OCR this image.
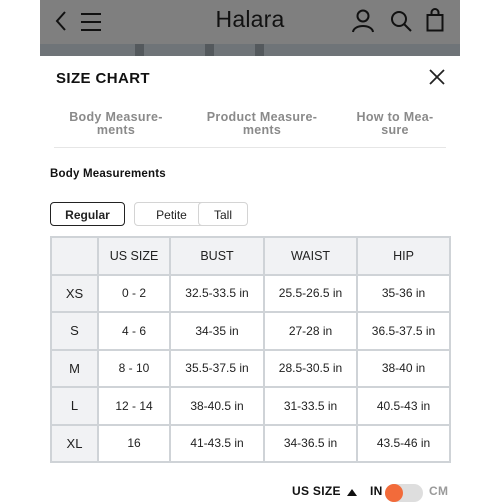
Halara
SIZE CHART
Body Measure-
ments
Product Measure-
ments
How to Mea-
sure
Body Measurements
Regular	Petite	Tall
	US SIZE	BUST	WAIST	HIP
XS	0 - 2	32.5-33.5 in	25.5-26.5 in	35-36 in
S	4 - 6	34-35 in	27-28 in	36.5-37.5 in
M	8 - 10	35.5-37.5 in	28.5-30.5 in	38-40 in
L	12 - 14	38-40.5 in	31-33.5 in	40.5-43 in
XL	16	41-43.5 in	34-36.5 in	43.5-46 in
US SIZE IN	CM
